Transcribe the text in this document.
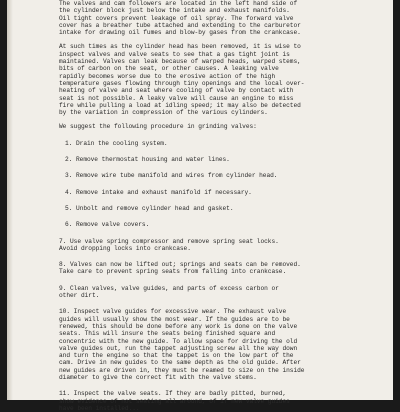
The valves and cam followers are located in the left hand side of
the cylinder block just below the intake and exhaust manifolds.
Oil tight covers prevent leakage of oil spray. The forward valve
cover has a breather tube attached and extending to the carburetor
intake for drawing oil fumes and blow-by gases from the crankcase.
At such times as the cylinder head has been removed, it is wise to
inspect valves and valve seats to see that a gas tight joint is
maintained. Valves can leak because of warped heads, warped stems,
bits of carbon on the seat, or other causes. A leaking valve
rapidly becomes worse due to the erosive action of the high
temperature gases flowing through tiny openings and the local over-
heating of valve and seat where cooling of valve by contact with
seat is not possible. A leaky valve will cause an engine to miss
fire while pulling a load at idling speed; it may also be detected
by the variation in compression of the various cylinders.
We suggest the following procedure in grinding valves:
1. Drain the cooling system.
2. Remove thermostat housing and water lines.
3. Remove wire tube manifold and wires from cylinder head.
4. Remove intake and exhaust manifold if necessary.
5. Unbolt and remove cylinder head and gasket.
6. Remove valve covers.
7. Use valve spring compressor and remove spring seat locks.
Avoid dropping locks into crankcase.
8. Valves can now be lifted out; springs and seats can be removed.
Take care to prevent spring seats from falling into crankcase.
9. Clean valves, valve guides, and parts of excess carbon or
other dirt.
10. Inspect valve guides for excessive wear. The exhaust valve
guides will usually show the most wear. If the guides are to be
renewed, this should be done before any work is done on the valve
seats. This will insure the seats being finished square and
concentric with the new guide. To allow space for driving the old
valve guides out, run the tappet adjusting screw all the way down
and turn the engine so that the tappet is on the low part of the
cam. Drive in new guides to the same depth as the old guide. After
new guides are driven in, they must be reamed to size on the inside
diameter to give the correct fit with the valve stems.
11. Inspect the valve seats. If they are badly pitted, burned,
show evidence of not seating all around, of if new valve guides
have been installed...
